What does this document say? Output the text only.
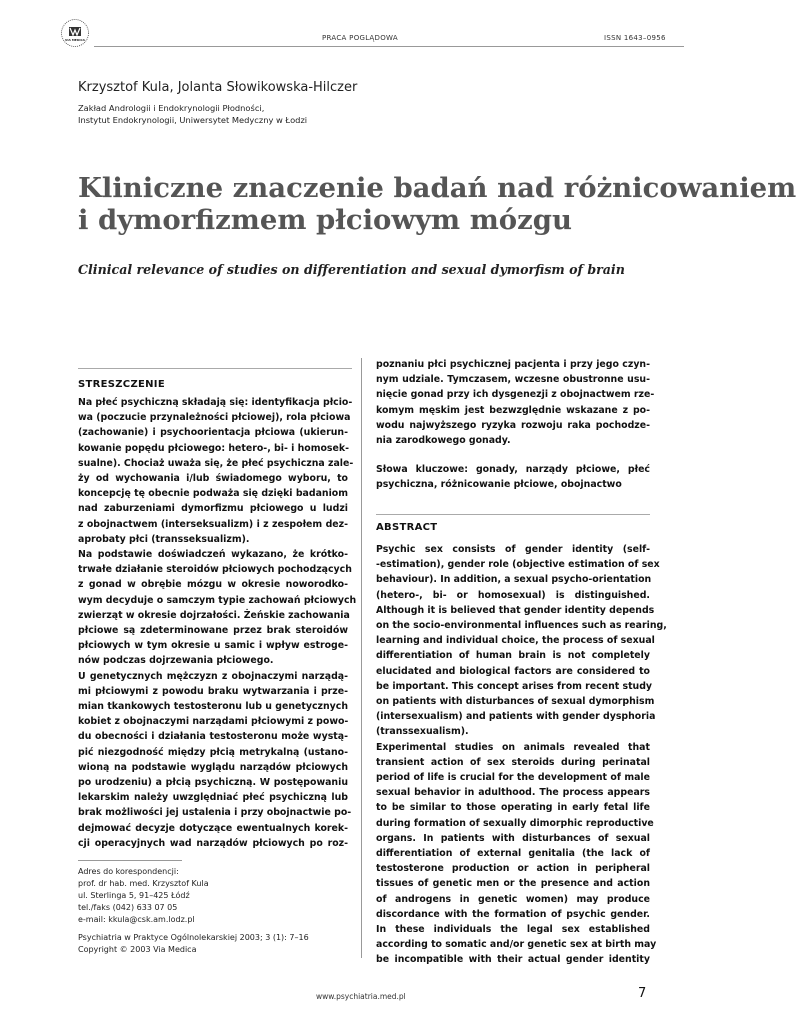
VIA MEDICA	PRACA POGLĄDOWA	ISSN 1643–0956
Krzysztof Kula, Jolanta Słowikowska-Hilczer
Zakład Andrologii i Endokrynologii Płodności,
Instytut Endokrynologii, Uniwersytet Medyczny w Łodzi
Kliniczne znaczenie badań nad różnicowaniem
i dymorfizmem płciowym mózgu
Clinical relevance of studies on differentiation and sexual dymorfism of brain
STRESZCZENIE
Na płeć psychiczną składają się: identyfikacja płcio-
wa (poczucie przynależności płciowej), rola płciowa
(zachowanie) i psychoorientacja płciowa (ukierun-
kowanie popędu płciowego: hetero-, bi- i homosek-
sualne). Chociaż uważa się, że płeć psychiczna zale-
ży od wychowania i/lub świadomego wyboru, to
koncepcję tę obecnie podważa się dzięki badaniom
nad zaburzeniami dymorfizmu płciowego u ludzi
z obojnactwem (interseksualizm) i z zespołem dez-
aprobaty płci (transseksualizm).
Na podstawie doświadczeń wykazano, że krótko-
trwałe działanie steroidów płciowych pochodzących
z gonad w obrębie mózgu w okresie noworodko-
wym decyduje o samczym typie zachowań płciowych
zwierząt w okresie dojrzałości. Żeńskie zachowania
płciowe są zdeterminowane przez brak steroidów
płciowych w tym okresie u samic i wpływ estroge-
nów podczas dojrzewania płciowego.
U genetycznych mężczyzn z obojnaczymi narządą-
mi płciowymi z powodu braku wytwarzania i prze-
mian tkankowych testosteronu lub u genetycznych
kobiet z obojnaczymi narządami płciowymi z powo-
du obecności i działania testosteronu może wystą-
pić niezgodność między płcią metrykalną (ustano-
wioną na podstawie wyglądu narządów płciowych
po urodzeniu) a płcią psychiczną. W postępowaniu
lekarskim należy uwzględniać płeć psychiczną lub
brak możliwości jej ustalenia i przy obojnactwie po-
dejmować decyzje dotyczące ewentualnych korek-
cji operacyjnych wad narządów płciowych po roz-
poznaniu płci psychicznej pacjenta i przy jego czyn-
nym udziale. Tymczasem, wczesne obustronne usu-
nięcie gonad przy ich dysgenezji z obojnactwem rze-
komym męskim jest bezwzględnie wskazane z po-
wodu najwyższego ryzyka rozwoju raka pochodze-
nia zarodkowego gonady.
Słowa kluczowe: gonady, narządy płciowe, płeć
psychiczna, różnicowanie płciowe, obojnactwo
ABSTRACT
Psychic sex consists of gender identity (self-
-estimation), gender role (objective estimation of sex
behaviour). In addition, a sexual psycho-orientation
(hetero-, bi- or homosexual) is distinguished.
Although it is believed that gender identity depends
on the socio-environmental influences such as rearing,
learning and individual choice, the process of sexual
differentiation of human brain is not completely
elucidated and biological factors are considered to
be important. This concept arises from recent study
on patients with disturbances of sexual dymorphism
(intersexualism) and patients with gender dysphoria
(transsexualism).
Experimental studies on animals revealed that
transient action of sex steroids during perinatal
period of life is crucial for the development of male
sexual behavior in adulthood. The process appears
to be similar to those operating in early fetal life
during formation of sexually dimorphic reproductive
organs. In patients with disturbances of sexual
differentiation of external genitalia (the lack of
testosterone production or action in peripheral
tissues of genetic men or the presence and action
of androgens in genetic women) may produce
discordance with the formation of psychic gender.
In these individuals the legal sex established
according to somatic and/or genetic sex at birth may
be incompatible with their actual gender identity
Adres do korespondencji:
prof. dr hab. med. Krzysztof Kula
ul. Sterlinga 5, 91–425 Łódź
tel./faks (042) 633 07 05
e-mail: kkula@csk.am.lodz.pl
Psychiatria w Praktyce Ogólnolekarskiej 2003; 3 (1): 7–16
Copyright © 2003 Via Medica
www.psychiatria.med.pl	7
